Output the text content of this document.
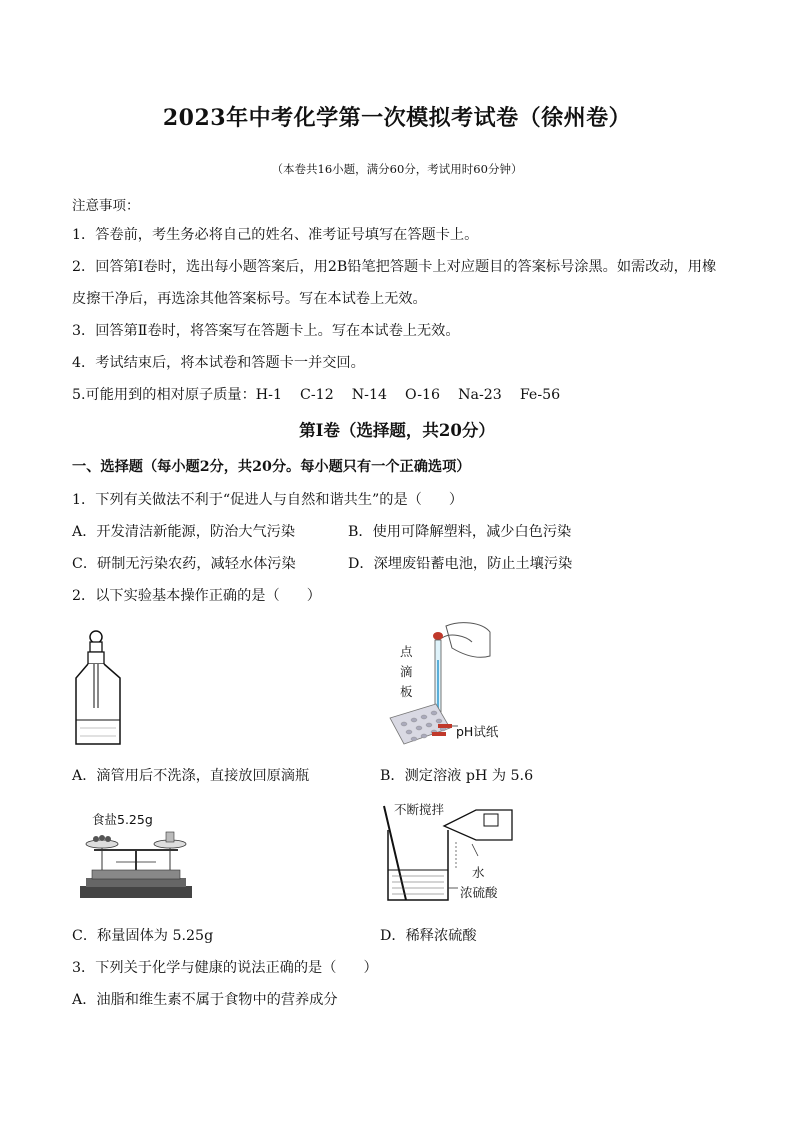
2023年中考化学第一次模拟考试卷（徐州卷）
（本卷共16小题，满分60分，考试用时60分钟）
注意事项：
1．答卷前，考生务必将自己的姓名、准考证号填写在答题卡上。
2．回答第Ⅰ卷时，选出每小题答案后，用2B铅笔把答题卡上对应题目的答案标号涂黑。如需改动，用橡
皮擦干净后，再选涂其他答案标号。写在本试卷上无效。
3．回答第Ⅱ卷时，将答案写在答题卡上。写在本试卷上无效。
4．考试结束后，将本试卷和答题卡一并交回。
5.可能用到的相对原子质量：H-1    C-12    N-14    O-16    Na-23    Fe-56
第I卷（选择题，共20分）
一、选择题（每小题2分，共20分。每小题只有一个正确选项）
1．下列有关做法不利于“促进人与自然和谐共生”的是（      ）
A．开发清洁新能源，防治大气污染	B．使用可降解塑料，减少白色污染
C．研制无污染农药，减轻水体污染	D．深埋废铅蓄电池，防止土壤污染
2．以下实验基本操作正确的是（      ）
A．滴管用后不洗涤，直接放回原滴瓶
点
滴
板
pH试纸
B．测定溶液 pH 为 5.6
食盐5.25g
C．称量固体为 5.25g
不断搅拌
水
浓硫酸
D．稀释浓硫酸
3．下列关于化学与健康的说法正确的是（      ）
A．油脂和维生素不属于食物中的营养成分
